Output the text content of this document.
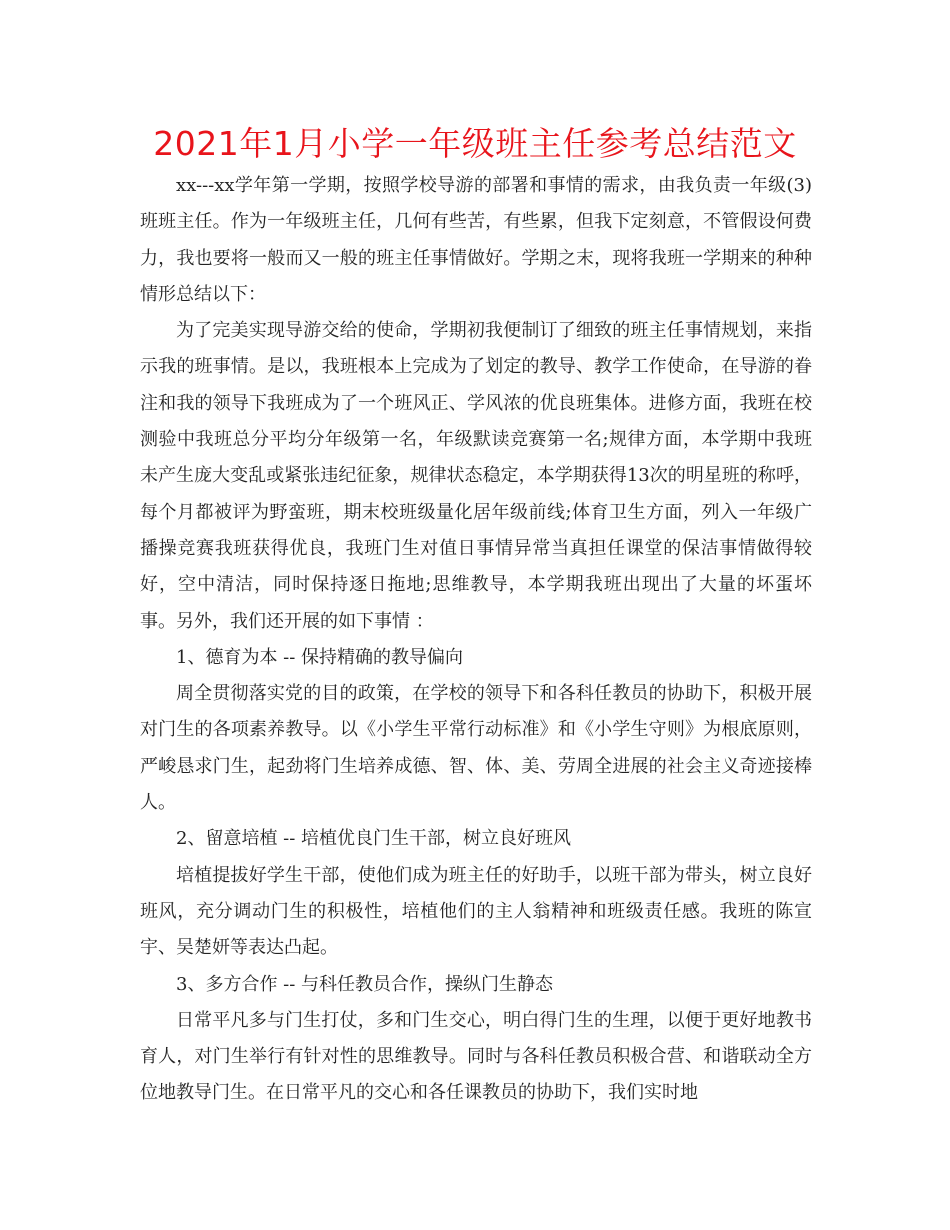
2021年1月小学一年级班主任参考总结范文

xx---xx学年第一学期，按照学校导游的部署和事情的需求，由我负责一年级(3)班班主任。作为一年级班主任，几何有些苦，有些累，但我下定刻意，不管假设何费力，我也要将一般而又一般的班主任事情做好。学期之末，现将我班一学期来的种种情形总结以下：

为了完美实现导游交给的使命，学期初我便制订了细致的班主任事情规划，来指示我的班事情。是以，我班根本上完成为了划定的教导、教学工作使命，在导游的眷注和我的领导下我班成为了一个班风正、学风浓的优良班集体。进修方面，我班在校测验中我班总分平均分年级第一名，年级默读竞赛第一名;规律方面，本学期中我班未产生庞大变乱或紧张违纪征象，规律状态稳定，本学期获得13次的明星班的称呼，每个月都被评为野蛮班，期末校班级量化居年级前线;体育卫生方面，列入一年级广播操竞赛我班获得优良，我班门生对值日事情异常当真担任课堂的保洁事情做得较好，空中清洁，同时保持逐日拖地;思维教导，本学期我班出现出了大量的坏蛋坏事。另外，我们还开展的如下事情 ：

1、德育为本 -- 保持精确的教导偏向

周全贯彻落实党的目的政策，在学校的领导下和各科任教员的协助下，积极开展对门生的各项素养教导。以《小学生平常行动标准》和《小学生守则》为根底原则，严峻恳求门生，起劲将门生培养成德、智、体、美、劳周全进展的社会主义奇迹接棒人。

2、留意培植 -- 培植优良门生干部，树立良好班风

培植提拔好学生干部，使他们成为班主任的好助手，以班干部为带头，树立良好班风，充分调动门生的积极性，培植他们的主人翁精神和班级责任感。我班的陈宣宇、吴楚妍等表达凸起。

3、多方合作 -- 与科任教员合作，操纵门生静态

日常平凡多与门生打仗，多和门生交心，明白得门生的生理，以便于更好地教书育人，对门生举行有针对性的思维教导。同时与各科任教员积极合营、和谐联动全方位地教导门生。在日常平凡的交心和各任课教员的协助下，我们实时地
